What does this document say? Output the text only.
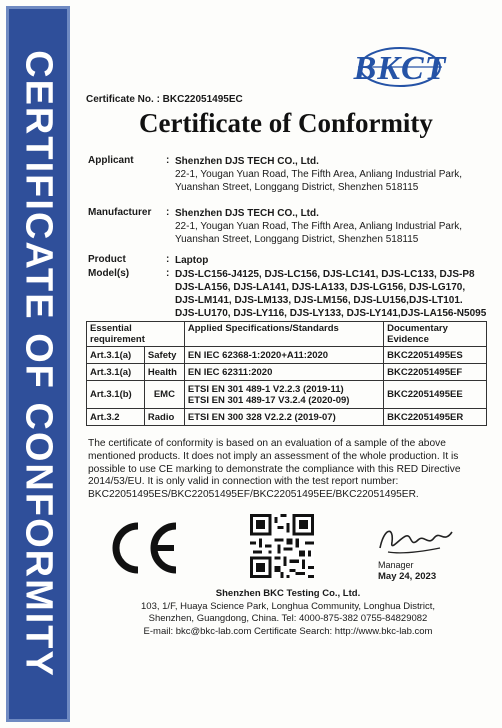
CERTIFICATE OF CONFORMITY	BKCT
Certificate No. : BKC22051495EC
Certificate of Conformity
Applicant	: Shenzhen DJS TECH CO., Ltd.
22-1, Yougan Yuan Road, The Fifth Area, Anliang Industrial Park,
Yuanshan Street, Longgang District, Shenzhen 518115
Manufacturer : Shenzhen DJS TECH CO., Ltd.
22-1, Yougan Yuan Road, The Fifth Area, Anliang Industrial Park,
Yuanshan Street, Longgang District, Shenzhen 518115
Product	: Laptop
Model(s)	: DJS-LC156-J4125, DJS-LC156, DJS-LC141, DJS-LC133, DJS-P8
DJS-LA156, DJS-LA141, DJS-LA133, DJS-LG156, DJS-LG170,
DJS-LM141, DJS-LM133, DJS-LM156, DJS-LU156,DJS-LT101.
DJS-LU170, DJS-LY116, DJS-LY133, DJS-LY141,DJS-LA156-N5095
Essential requirement		Applied Specifications/Standards	Documentary Evidence
Art.3.1(a)	Safety	EN IEC 62368-1:2020+A11:2020	BKC22051495ES
Art.3.1(a)	Health	EN IEC 62311:2020	BKC22051495EF
Art.3.1(b)	EMC	ETSI EN 301 489-1 V2.2.3 (2019-11)
ETSI EN 301 489-17 V3.2.4 (2020-09)	BKC22051495EE
Art.3.2	Radio	ETSI EN 300 328 V2.2.2 (2019-07)	BKC22051495ER
The certificate of conformity is based on an evaluation of a sample of the above mentioned products. It does not imply an assessment of the whole production. It is possible to use CE marking to demonstrate the compliance with this RED Directive 2014/53/EU. It is only valid in connection with the test report number: BKC22051495ES/BKC22051495EF/BKC22051495EE/BKC22051495ER.
Manager
May 24, 2023
Shenzhen BKC Testing Co., Ltd.
103, 1/F, Huaya Science Park, Longhua Community, Longhua District,
Shenzhen, Guangdong, China. Tel: 4000-875-382 0755-84829082
E-mail: bkc@bkc-lab.com Certificate Search: http://www.bkc-lab.com
